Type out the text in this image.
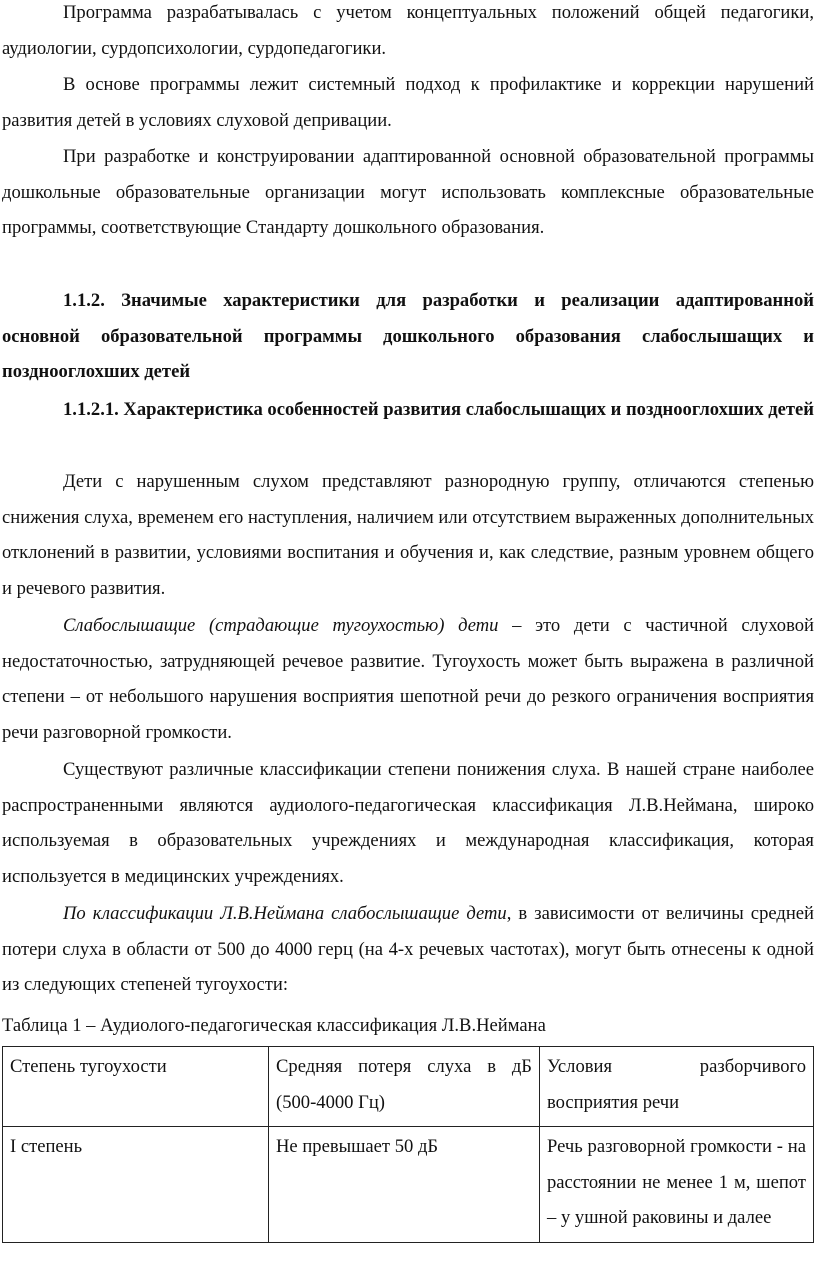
Программа разрабатывалась с учетом концептуальных положений общей педагогики, аудиологии, сурдопсихологии, сурдопедагогики.

В основе программы лежит системный подход к профилактике и коррекции нарушений развития детей в условиях слуховой депривации.

При разработке и конструировании адаптированной основной образовательной программы дошкольные образовательные организации могут использовать комплексные образовательные программы, соответствующие Стандарту дошкольного образования.

1.1.2. Значимые характеристики для разработки и реализации адаптированной основной образовательной программы дошкольного образования слабослышащих и позднооглохших детей

1.1.2.1. Характеристика особенностей развития слабослышащих и позднооглохших детей

Дети с нарушенным слухом представляют разнородную группу, отличаются степенью снижения слуха, временем его наступления, наличием или отсутствием выраженных дополнительных отклонений в развитии, условиями воспитания и обучения и, как следствие, разным уровнем общего и речевого развития.

Слабослышащие (страдающие тугоухостью) дети – это дети с частичной слуховой недостаточностью, затрудняющей речевое развитие. Тугоухость может быть выражена в различной степени – от небольшого нарушения восприятия шепотной речи до резкого ограничения восприятия речи разговорной громкости.

Существуют различные классификации степени понижения слуха. В нашей стране наиболее распространенными являются аудиолого-педагогическая классификация Л.В.Неймана, широко используемая в образовательных учреждениях и международная классификация, которая используется в медицинских учреждениях.

По классификации Л.В.Неймана слабослышащие дети, в зависимости от величины средней потери слуха в области от 500 до 4000 герц (на 4-х речевых частотах), могут быть отнесены к одной из следующих степеней тугоухости:

Таблица 1 – Аудиолого-педагогическая классификация Л.В.Неймана

Степень тугоухости	Средняя потеря слуха в дБ (500-4000 Гц)	Условия разборчивого восприятия речи
I степень	Не превышает 50 дБ	Речь разговорной громкости - на расстоянии не менее 1 м, шепот – у ушной раковины и далее
